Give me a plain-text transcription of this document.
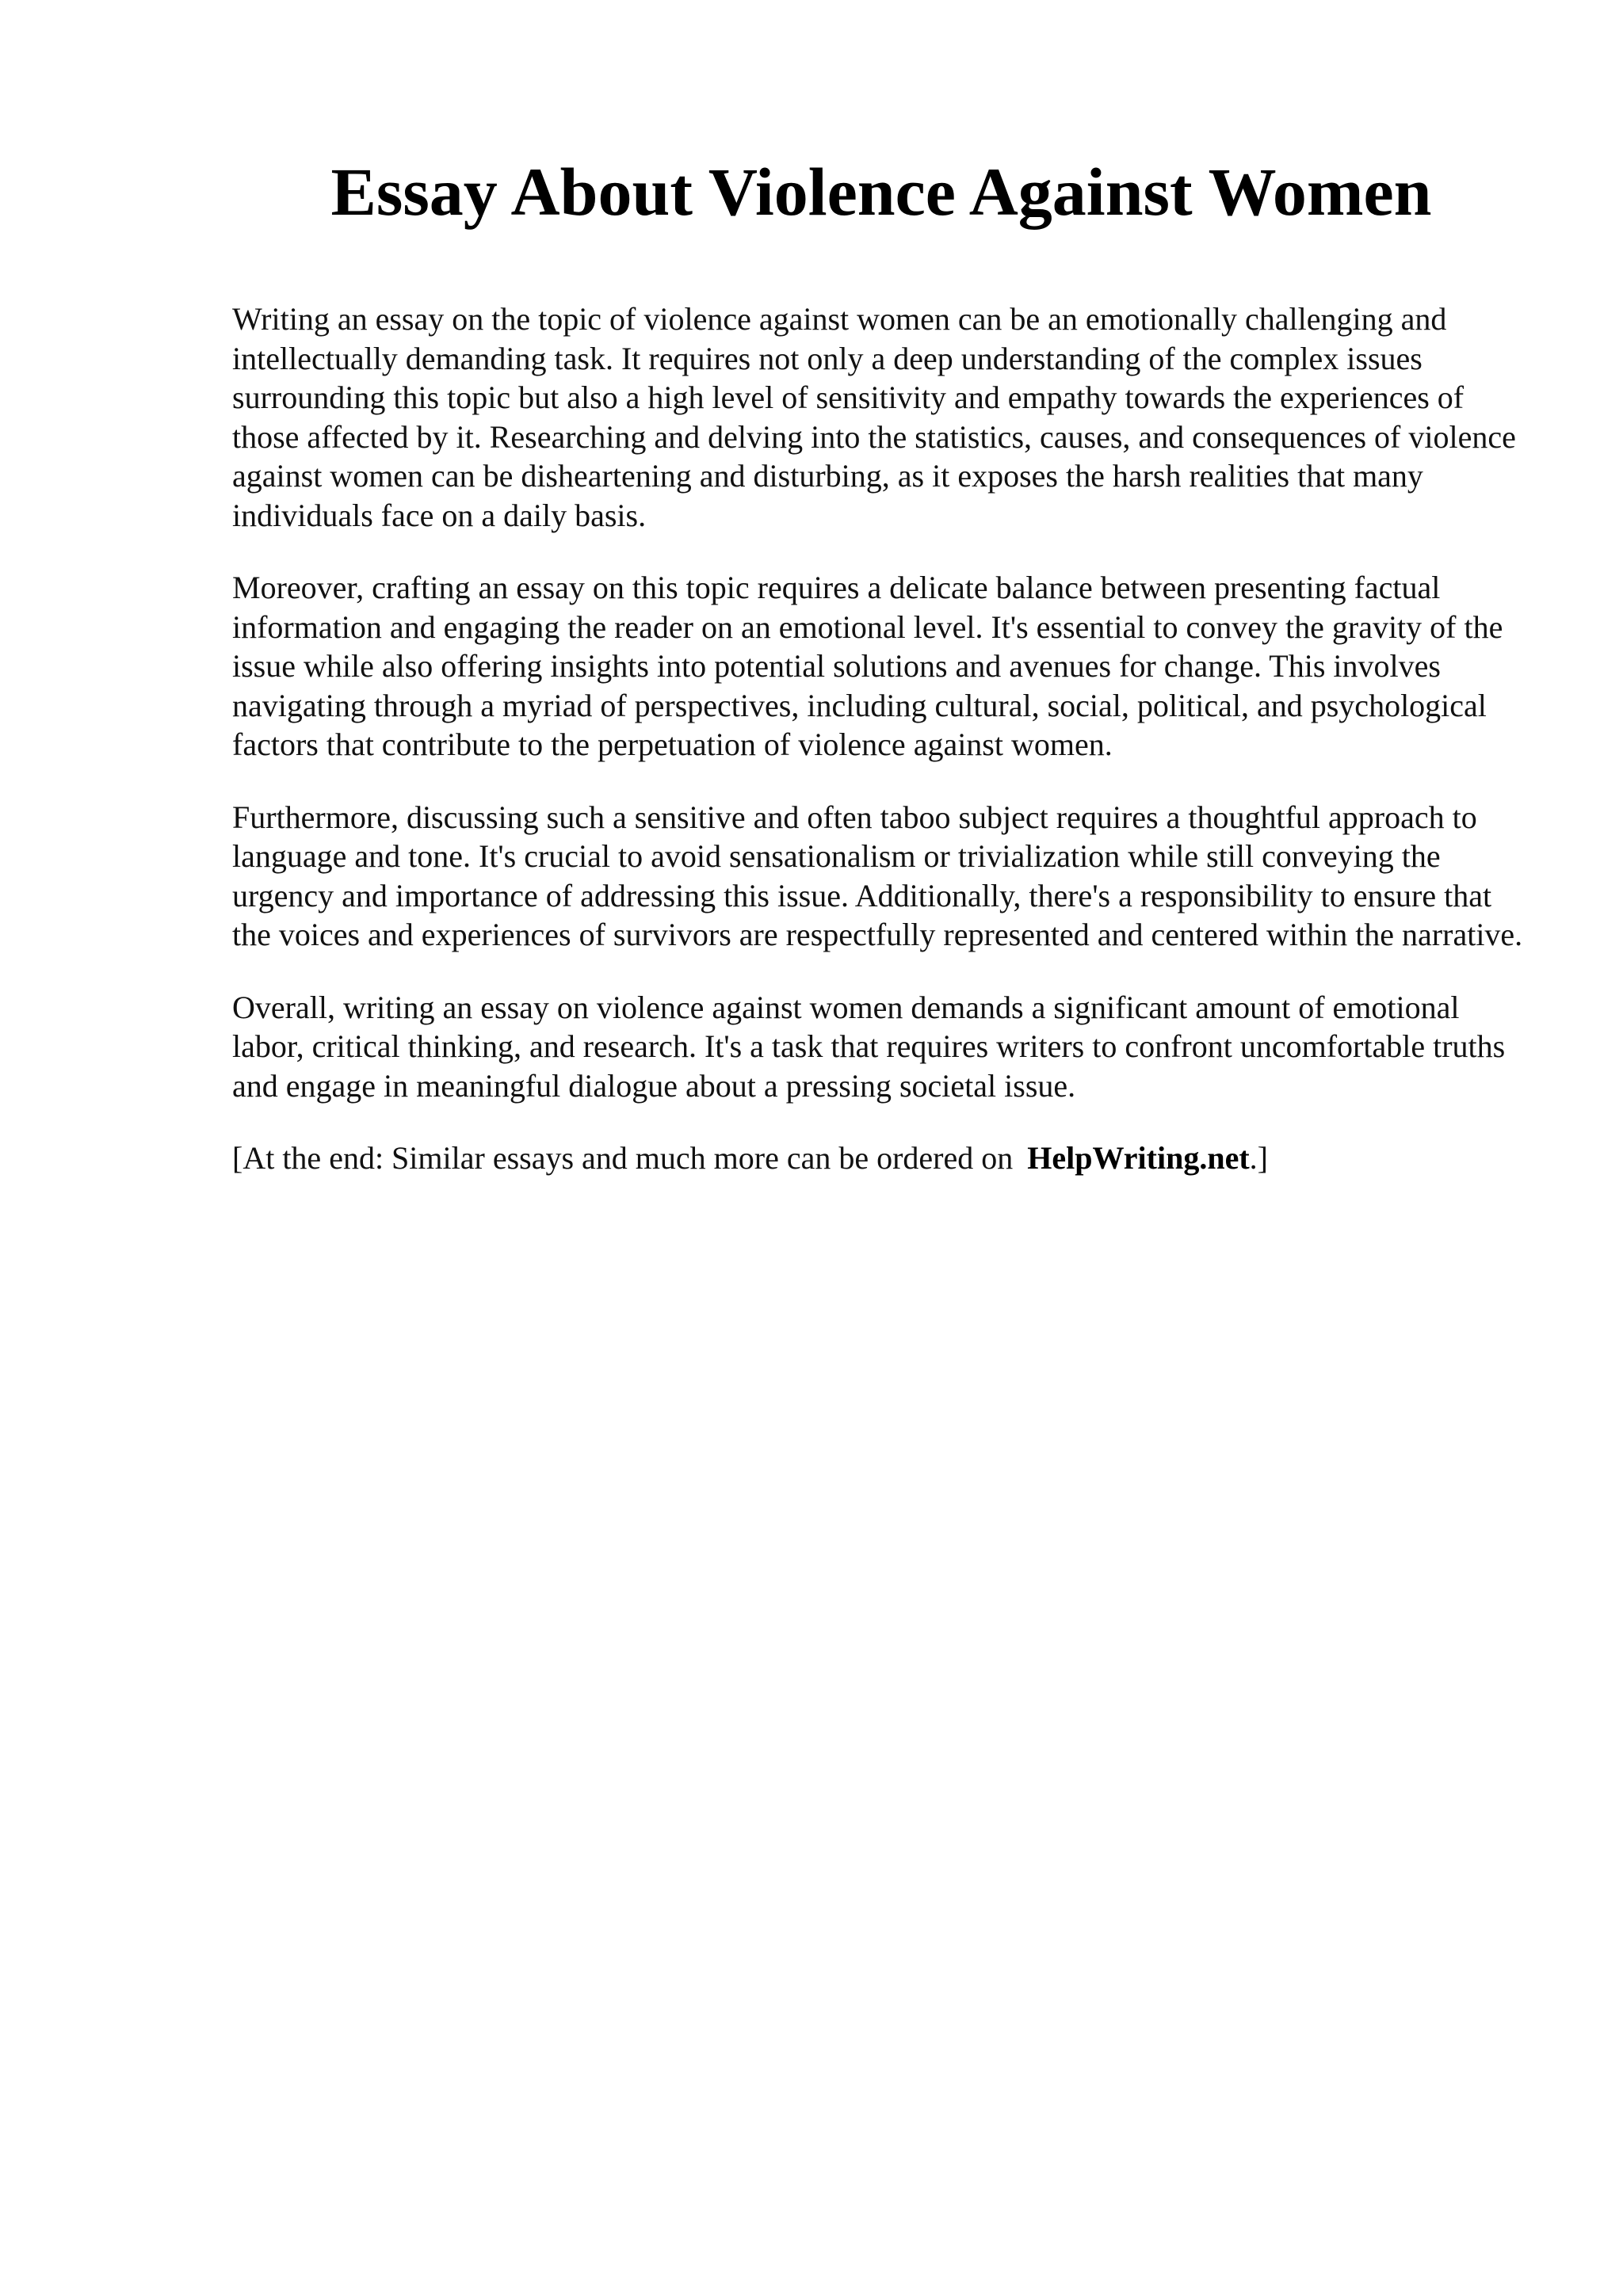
Essay About Violence Against Women

Writing an essay on the topic of violence against women can be an emotionally challenging and intellectually demanding task. It requires not only a deep understanding of the complex issues surrounding this topic but also a high level of sensitivity and empathy towards the experiences of those affected by it. Researching and delving into the statistics, causes, and consequences of violence against women can be disheartening and disturbing, as it exposes the harsh realities that many individuals face on a daily basis.

Moreover, crafting an essay on this topic requires a delicate balance between presenting factual information and engaging the reader on an emotional level. It's essential to convey the gravity of the issue while also offering insights into potential solutions and avenues for change. This involves navigating through a myriad of perspectives, including cultural, social, political, and psychological factors that contribute to the perpetuation of violence against women.

Furthermore, discussing such a sensitive and often taboo subject requires a thoughtful approach to language and tone. It's crucial to avoid sensationalism or trivialization while still conveying the urgency and importance of addressing this issue. Additionally, there's a responsibility to ensure that the voices and experiences of survivors are respectfully represented and centered within the narrative.

Overall, writing an essay on violence against women demands a significant amount of emotional labor, critical thinking, and research. It's a task that requires writers to confront uncomfortable truths and engage in meaningful dialogue about a pressing societal issue.

[At the end: Similar essays and much more can be ordered on HelpWriting.net.]
